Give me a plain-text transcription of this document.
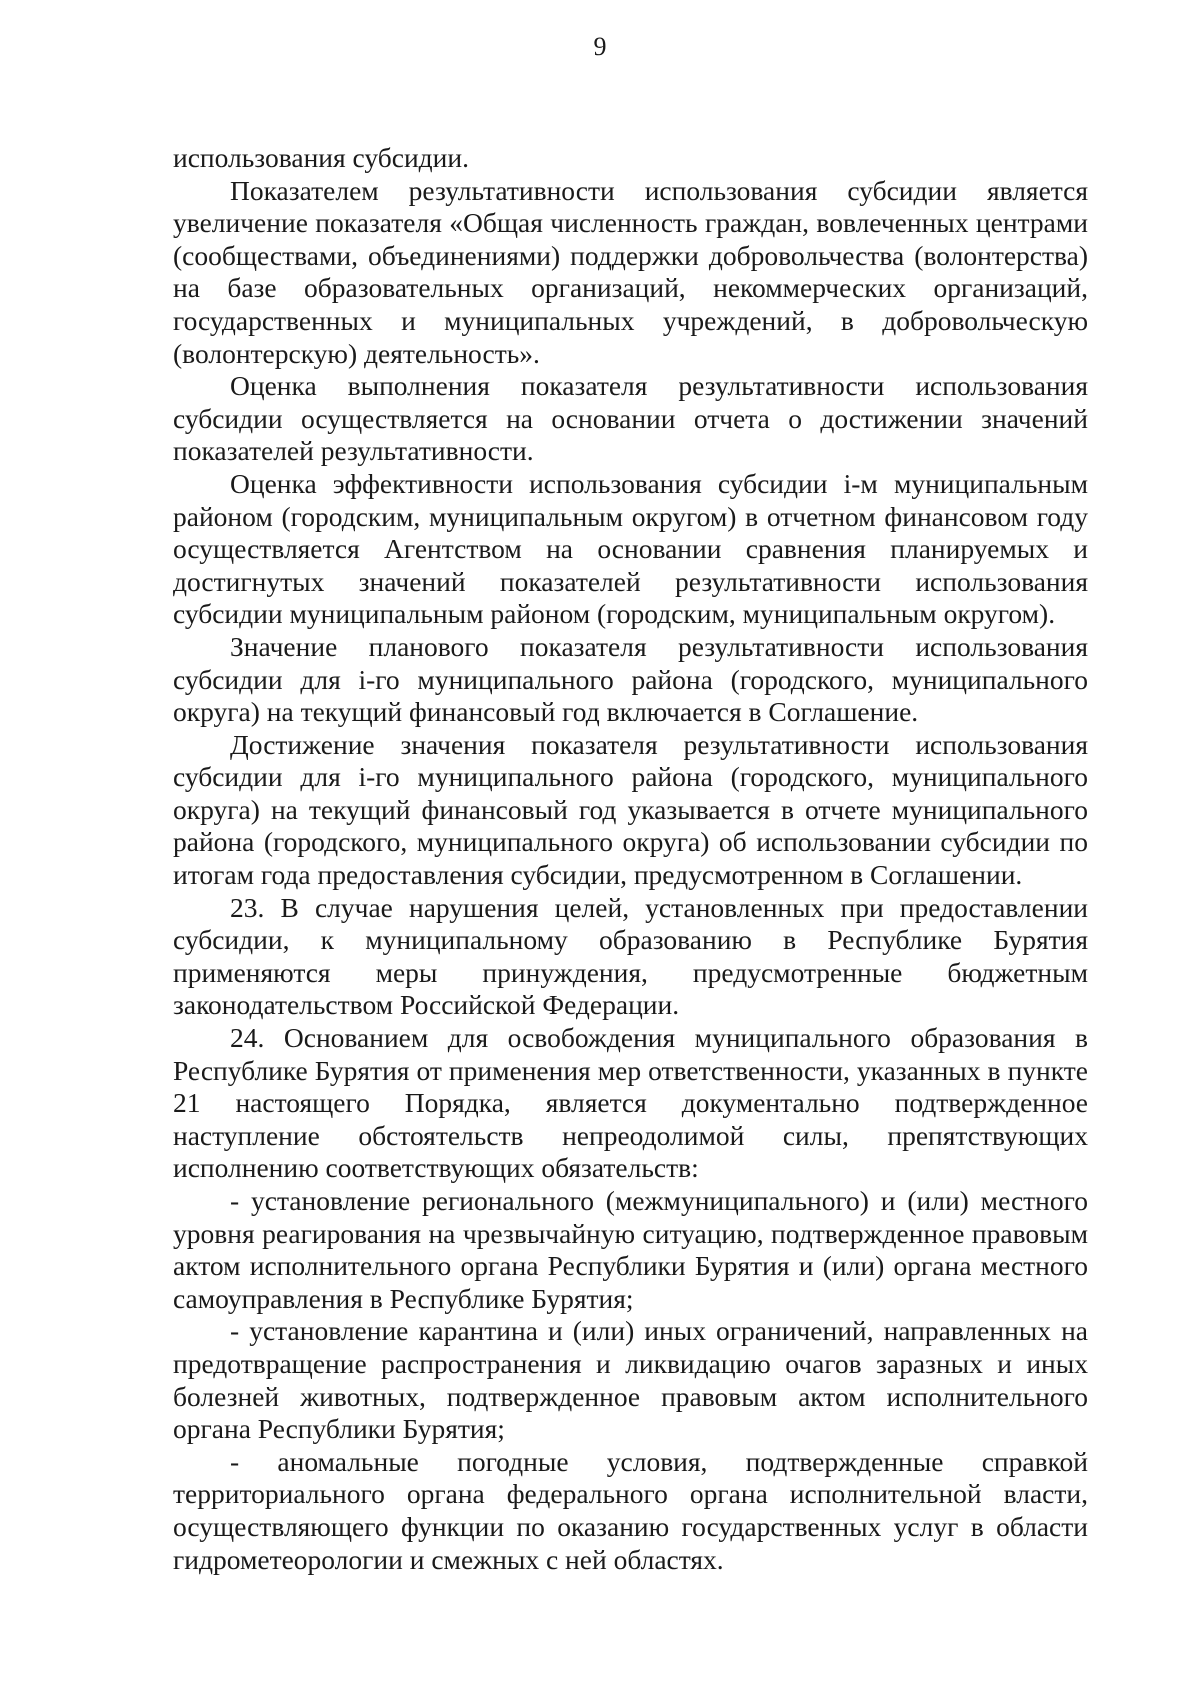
9

использования субсидии.

Показателем результативности использования субсидии является увеличение показателя «Общая численность граждан, вовлеченных центрами (сообществами, объединениями) поддержки добровольчества (волонтерства) на базе образовательных организаций, некоммерческих организаций, государственных и муниципальных учреждений, в добровольческую (волонтерскую) деятельность».

Оценка выполнения показателя результативности использования субсидии осуществляется на основании отчета о достижении значений показателей результативности.

Оценка эффективности использования субсидии i-м муниципальным районом (городским, муниципальным округом) в отчетном финансовом году осуществляется Агентством на основании сравнения планируемых и достигнутых значений показателей результативности использования субсидии муниципальным районом (городским, муниципальным округом).

Значение планового показателя результативности использования субсидии для i-го муниципального района (городского, муниципального округа) на текущий финансовый год включается в Соглашение.

Достижение значения показателя результативности использования субсидии для i-го муниципального района (городского, муниципального округа) на текущий финансовый год указывается в отчете муниципального района (городского, муниципального округа) об использовании субсидии по итогам года предоставления субсидии, предусмотренном в Соглашении.

23. В случае нарушения целей, установленных при предоставлении субсидии, к муниципальному образованию в Республике Бурятия применяются меры принуждения, предусмотренные бюджетным законодательством Российской Федерации.

24. Основанием для освобождения муниципального образования в Республике Бурятия от применения мер ответственности, указанных в пункте 21 настоящего Порядка, является документально подтвержденное наступление обстоятельств непреодолимой силы, препятствующих исполнению соответствующих обязательств:

- установление регионального (межмуниципального) и (или) местного уровня реагирования на чрезвычайную ситуацию, подтвержденное правовым актом исполнительного органа Республики Бурятия и (или) органа местного самоуправления в Республике Бурятия;

- установление карантина и (или) иных ограничений, направленных на предотвращение распространения и ликвидацию очагов заразных и иных болезней животных, подтвержденное правовым актом исполнительного органа Республики Бурятия;

- аномальные погодные условия, подтвержденные справкой территориального органа федерального органа исполнительной власти, осуществляющего функции по оказанию государственных услуг в области гидрометеорологии и смежных с ней областях.
